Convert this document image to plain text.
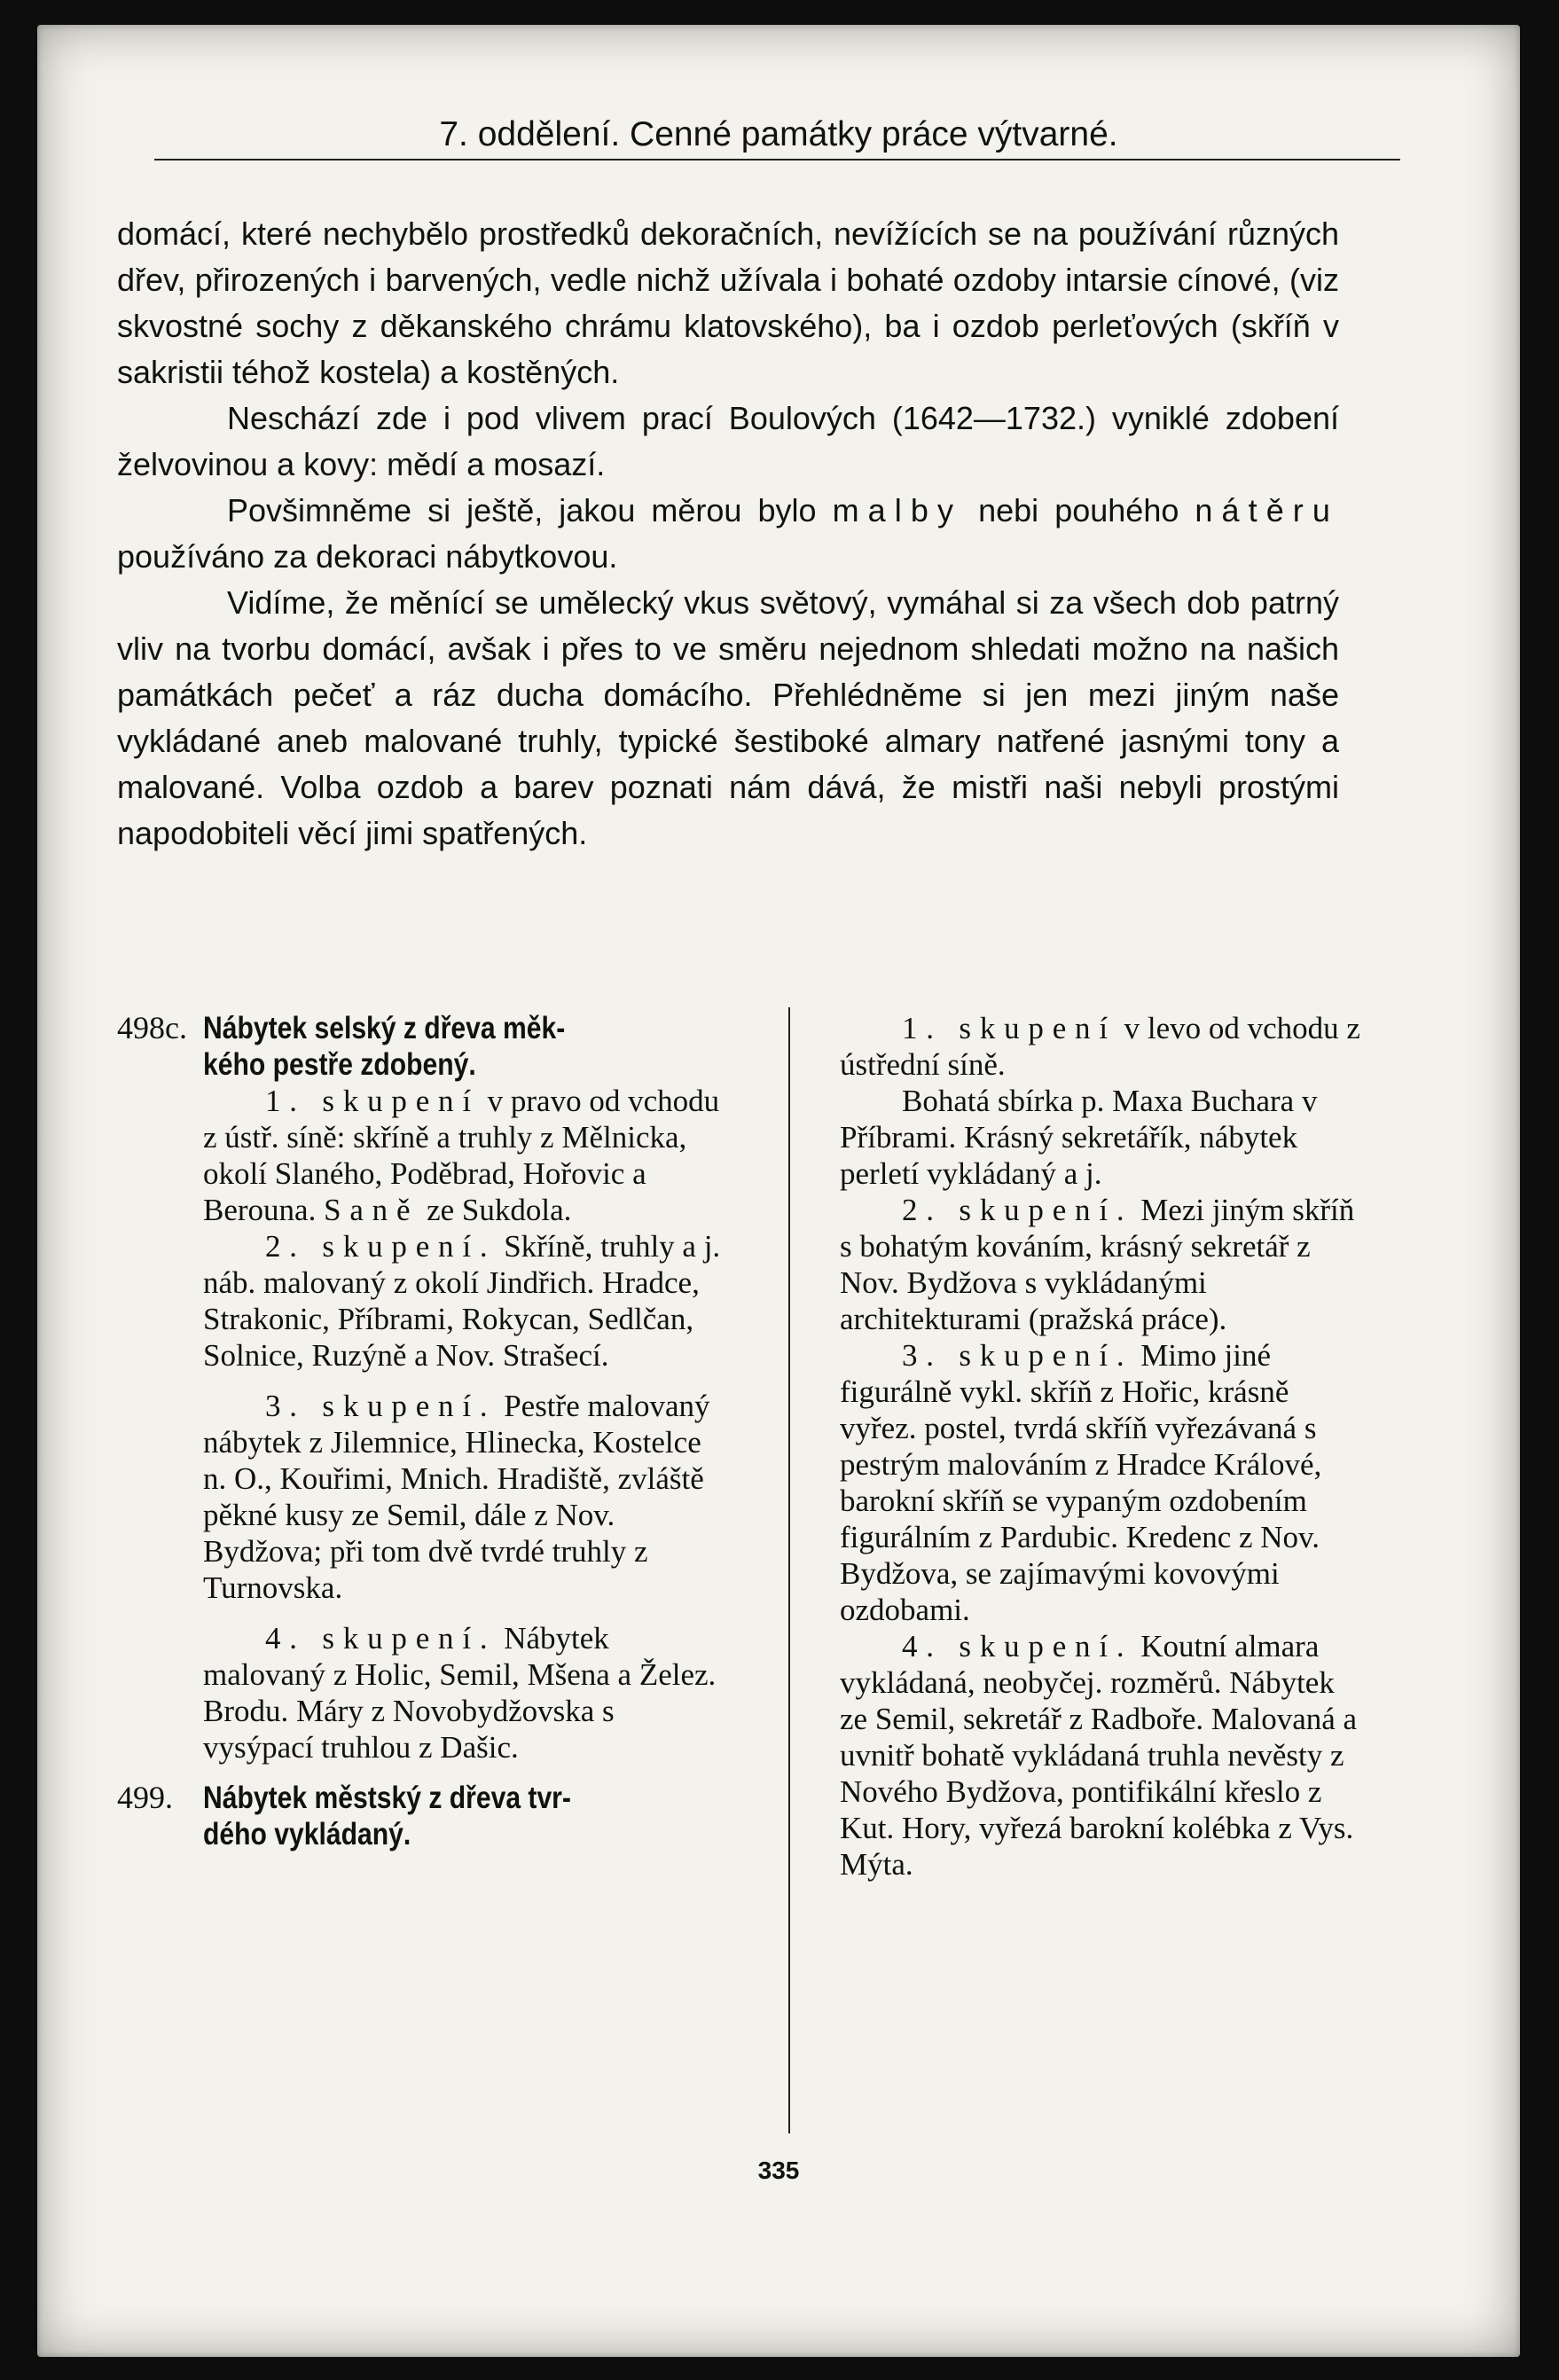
7. oddělení. Cenné památky práce výtvarné.

domácí, které nechybělo prostředků dekoračních, nevížících se na používání různých dřev, přirozených i barvených, vedle nichž užívala i bohaté ozdoby intarsie cínové, (viz skvostné sochy z děkanského chrámu klatovského), ba i ozdob perleťových (skříň v sakristii téhož kostela) a kostěných.

Neschází zde i pod vlivem prací Boulových (1642—1732.) vyniklé zdobení želvovinou a kovy: mědí a mosazí.

Povšimněme si ještě, jakou měrou bylo malby nebi pouhého nátěru používáno za dekoraci nábytkovou.

Vidíme, že měnící se umělecký vkus světový, vymáhal si za všech dob patrný vliv na tvorbu domácí, avšak i přes to ve směru nejednom shledati možno na našich památkách pečeť a ráz ducha domácího. Přehlédněme si jen mezi jiným naše vykládané aneb malované truhly, typické šestiboké almary natřené jasnými tony a malované. Volba ozdob a barev poznati nám dává, že mistři naši nebyli prostými napodobiteli věcí jimi spatřených.

498c. Nábytek selský z dřeva měk-
kého pestře zdobený.

1. skupení v pravo od vchodu z ústř. síně: skříně a truhly z Mělnicka, okolí Slaného, Poděbrad, Hořovic a Berouna. Saně ze Sukdola.

2. skupení. Skříně, truhly a j. náb. malovaný z okolí Jindřich. Hradce, Strakonic, Příbrami, Rokycan, Sedlčan, Solnice, Ruzýně a Nov. Strašecí.

3. skupení. Pestře malovaný nábytek z Jilemnice, Hlinecka, Kostelce n. O., Kouřimi, Mnich. Hradiště, zvláště pěkné kusy ze Semil, dále z Nov. Bydžova; při tom dvě tvrdé truhly z Turnovska.

4. skupení. Nábytek malovaný z Holic, Semil, Mšena a Želez. Brodu. Máry z Novobydžovska s vysýpací truhlou z Dašic.

499. Nábytek městský z dřeva tvr-
dého vykládaný.

1. skupení v levo od vchodu z ústřední síně.

Bohatá sbírka p. Maxa Buchara v Příbrami. Krásný sekretářík, nábytek perletí vykládaný a j.

2. skupení. Mezi jiným skříň s bohatým kováním, krásný sekretář z Nov. Bydžova s vykládanými architekturami (pražská práce).

3. skupení. Mimo jiné figurálně vykl. skříň z Hořic, krásně vyřez. postel, tvrdá skříň vyřezávaná s pestrým malováním z Hradce Králové, barokní skříň se vypaným ozdobením figurálním z Pardubic. Kredenc z Nov. Bydžova, se zajímavými kovovými ozdobami.

4. skupení. Koutní almara vykládaná, neobyčej. rozměrů. Nábytek ze Semil, sekretář z Radboře. Malovaná a uvnitř bohatě vykládaná truhla nevěsty z Nového Bydžova, pontifikální křeslo z Kut. Hory, vyřezá barokní kolébka z Vys. Mýta.

335
